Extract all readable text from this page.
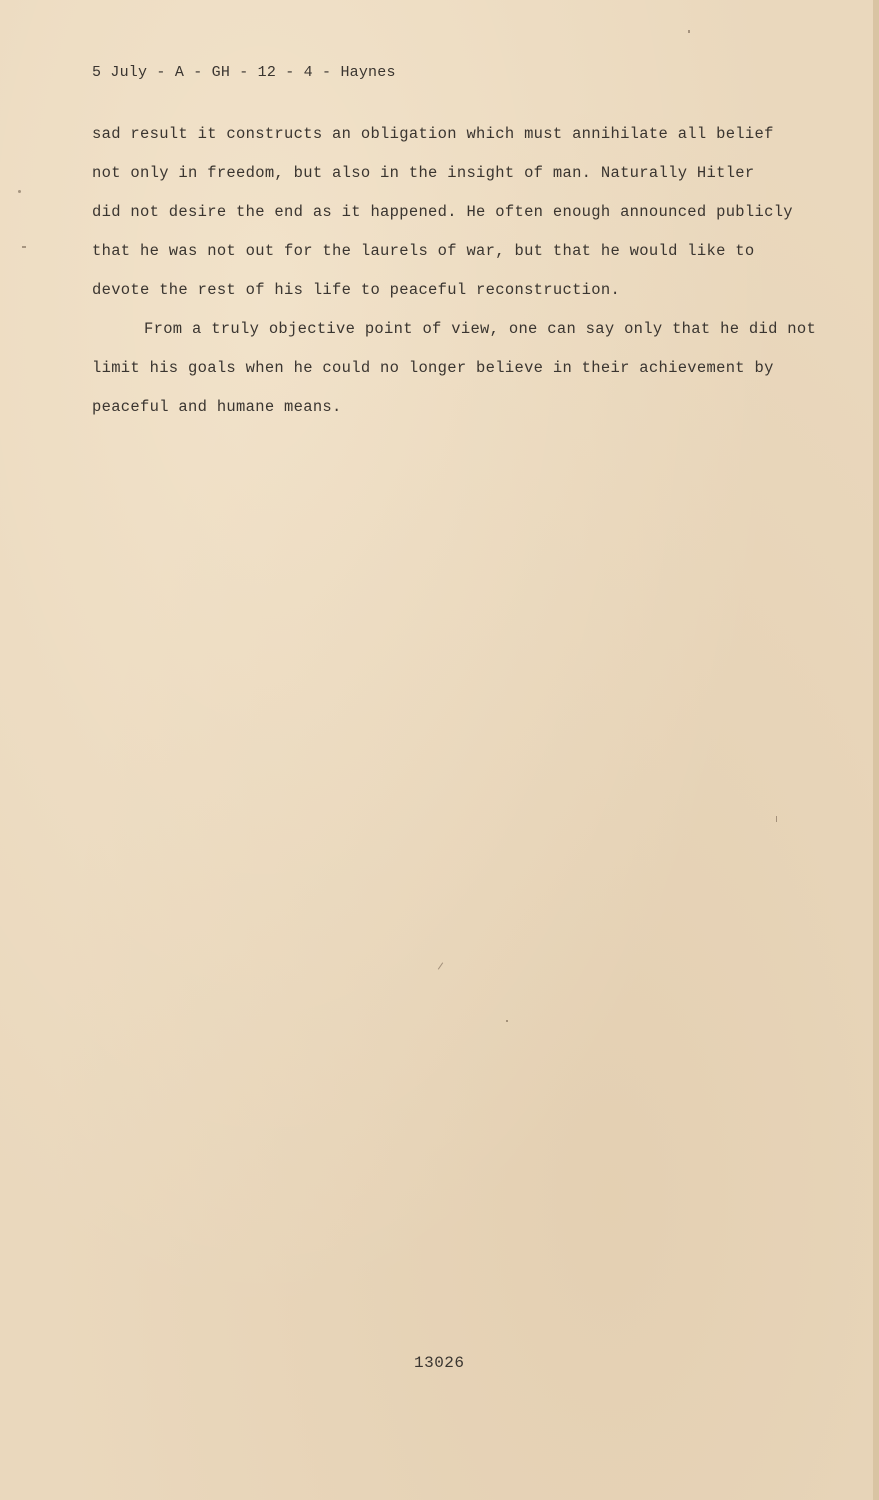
5 July - A - GH - 12 - 4 - Haynes
sad result it constructs an obligation which must annihilate all belief
not only in freedom, but also in the insight of man. Naturally Hitler
did not desire the end as it happened. He often enough announced publicly
that he was not out for the laurels of war, but that he would like to
devote the rest of his life to peaceful reconstruction.
From a truly objective point of view, one can say only that he did not
limit his goals when he could no longer believe in their achievement by
peaceful and humane means.
13026
